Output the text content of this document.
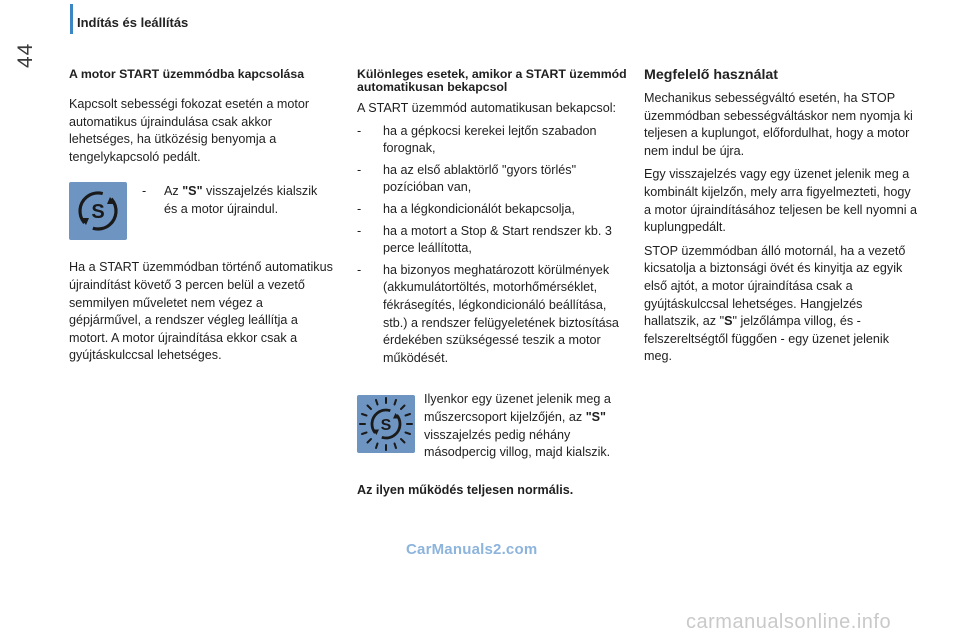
44
Indítás és leállítás
A motor START üzemmódba kapcsolása

Kapcsolt sebességi fokozat esetén a motor automatikus újraindulása csak akkor lehetséges, ha ütközésig benyomja a tengelykapcsoló pedált.

S
-	Az "S" visszajelzés kialszik és a motor újraindul.

Ha a START üzemmódban történő automatikus újraindítást követő 3 percen belül a vezető semmilyen műveletet nem végez a gépjárművel, a rendszer végleg leállítja a motort. A motor újraindítása ekkor csak a gyújtáskulccsal lehetséges.

Különleges esetek, amikor a START üzemmód automatikusan bekapcsol

A START üzemmód automatikusan bekapcsol:

-	ha a gépkocsi kerekei lejtőn szabadon forognak,
-	ha az első ablaktörlő "gyors törlés" pozícióban van,
-	ha a légkondicionálót bekapcsolja,
-	ha a motort a Stop & Start rendszer kb. 3 perce leállította,
-	ha bizonyos meghatározott körülmények (akkumulátortöltés, motorhőmérséklet, fékrásegítés, légkondicionáló beállítása, stb.) a rendszer felügyeletének biztosítása érdekében szükségessé teszik a motor működését.
S
Ilyenkor egy üzenet jelenik meg a műszercsoport kijelzőjén, az "S" visszajelzés pedig néhány másodpercig villog, majd kialszik.
Az ilyen működés teljesen normális.
Megfelelő használat

Mechanikus sebességváltó esetén, ha STOP üzemmódban sebességváltáskor nem nyomja ki teljesen a kuplungot, előfordulhat, hogy a motor nem indul be újra.

Egy visszajelzés vagy egy üzenet jelenik meg a kombinált kijelzőn, mely arra figyelmezteti, hogy a motor újraindításához teljesen be kell nyomni a kuplungpedált.

STOP üzemmódban álló motornál, ha a vezető kicsatolja a biztonsági övét és kinyitja az egyik első ajtót, a motor újraindítása csak a gyújtáskulccsal lehetséges. Hangjelzés hallatszik, az "S" jelzőlámpa villog, és - felszereltségtől függően - egy üzenet jelenik meg.

CarManuals2.com
carmanualsonline.info
